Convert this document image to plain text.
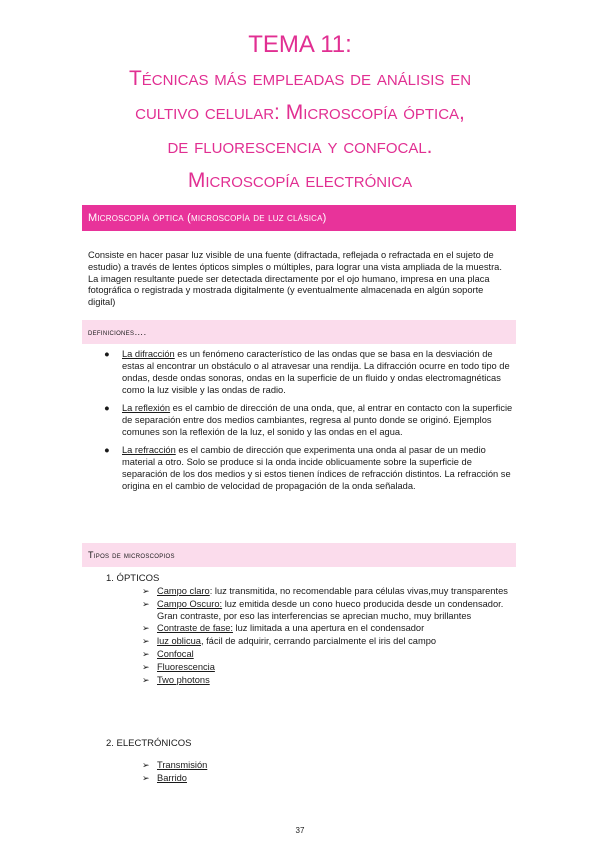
TEMA 11:
Técnicas más empleadas de análisis en
cultivo celular: Microscopía óptica,
de fluorescencia y confocal.
Microscopía electrónica
Microscopía óptica (microscopía de luz clásica)
Consiste en hacer pasar luz visible de una fuente (difractada, reflejada o refractada en el sujeto de estudio) a través de lentes ópticos simples o múltiples, para lograr una vista ampliada de la muestra. La imagen resultante puede ser detectada directamente por el ojo humano, impresa en una placa fotográfica o registrada y mostrada digitalmente (y eventualmente almacenada en algún soporte digital)
definiciones….
● La difracción es un fenómeno característico de las ondas que se basa en la desviación de estas al encontrar un obstáculo o al atravesar una rendija. La difracción ocurre en todo tipo de ondas, desde ondas sonoras, ondas en la superficie de un fluido y ondas electromagnéticas como la luz visible y las ondas de radio.
● La reflexión es el cambio de dirección de una onda, que, al entrar en contacto con la superficie de separación entre dos medios cambiantes, regresa al punto donde se originó. Ejemplos comunes son la reflexión de la luz, el sonido y las ondas en el agua.
● La refracción es el cambio de dirección que experimenta una onda al pasar de un medio material a otro. Solo se produce si la onda incide oblicuamente sobre la superficie de separación de los dos medios y si estos tienen índices de refracción distintos. La refracción se origina en el cambio de velocidad de propagación de la onda señalada.
Tipos de microscopios
1. ÓPTICOS
➢ Campo claro: luz transmitida, no recomendable para células vivas,muy transparentes
➢ Campo Oscuro: luz emitida desde un cono hueco producida desde un condensador. Gran contraste, por eso las interferencias se aprecian mucho, muy brillantes
➢ Contraste de fase: luz limitada a una apertura en el condensador
➢ luz oblicua, fácil de adquirir, cerrando parcialmente el iris del campo
➢ Confocal
➢ Fluorescencia
➢ Two photons
2. ELECTRÓNICOS
➢ Transmisión
➢ Barrido
37
